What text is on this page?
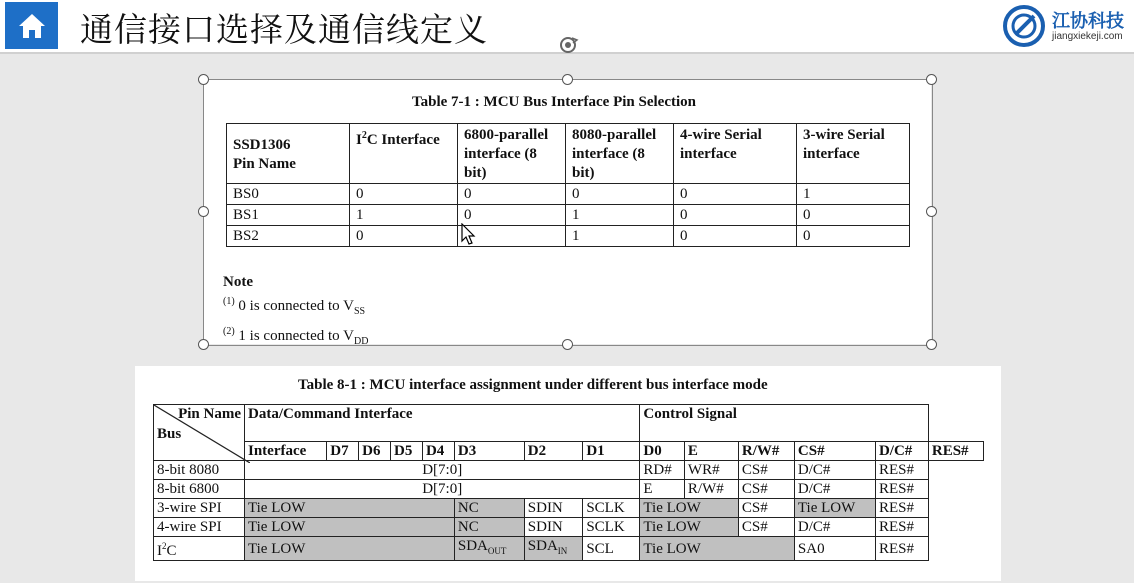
通信接口选择及通信线定义	江协科技
jiangxiekeji.com
Table 7-1 : MCU Bus Interface Pin Selection
SSD1306
Pin Name	$I^2C$ Interface	6800-parallel interface (8 bit)	8080-parallel interface (8 bit)	4-wire Serial interface	3-wire Serial interface
BS0	0	0	0	0	1
BS1	1	0	1	0	0
BS2	0		1	0	0
Note
$^{(1)}$ 0 is connected to $V_{SS}$
$^{(2)}$ 1 is connected to $V_{DD}$
Table 8-1 : MCU interface assignment under different bus interface mode
Pin Name
Bus	Data/Command Interface								Control Signal					
	Interface	D7	D6	D5	D4	D3	D2	D1	D0	E	R/W#	CS#	D/C#	RES#
8-bit 8080	D[7:0]								RD#	WR#	CS#	D/C#	RES#	
8-bit 6800	D[7:0]								E	R/W#	CS#	D/C#	RES#	
3-wire SPI	Tie LOW					NC	SDIN	SCLK	Tie LOW		CS#	Tie LOW	RES#	
4-wire SPI	Tie LOW					NC	SDIN	SCLK	Tie LOW		CS#	D/C#	RES#	
$I^2C$	Tie LOW					$SDA_{OUT}$	$SDA_{IN}$	SCL	Tie LOW			SA0	RES#	
